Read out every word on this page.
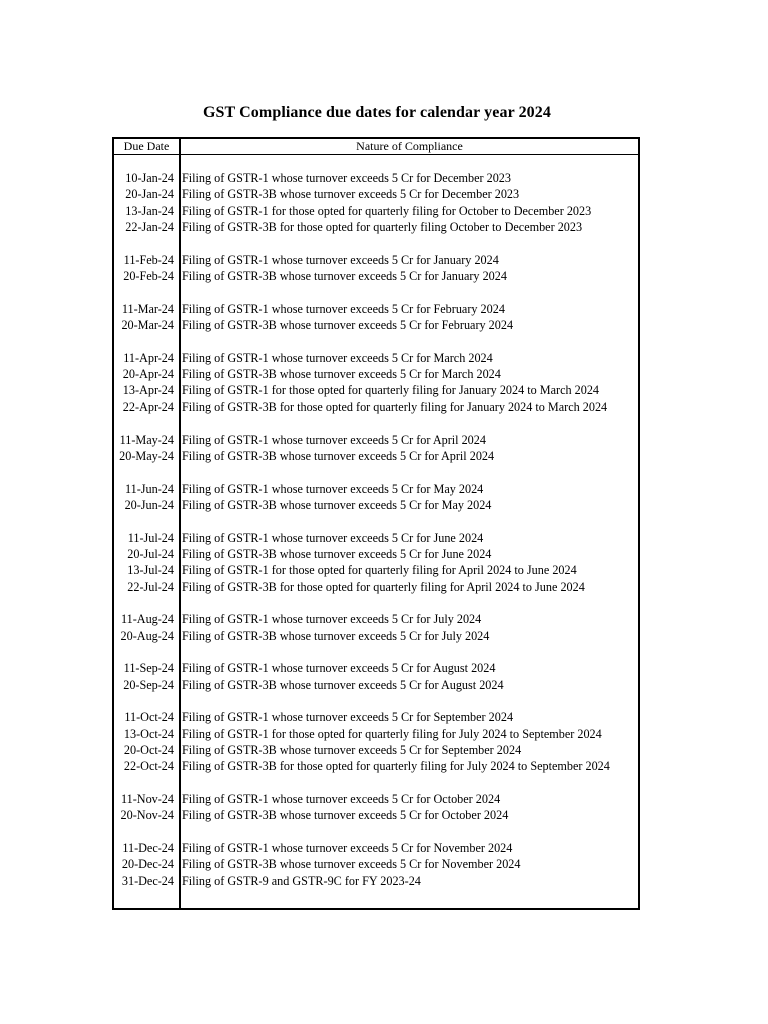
GST Compliance due dates for calendar year 2024
Due Date	Nature of Compliance
10-Jan-24 Filing of GSTR-1 whose turnover exceeds 5 Cr for December 2023
20-Jan-24 Filing of GSTR-3B whose turnover exceeds 5 Cr for December 2023
13-Jan-24 Filing of GSTR-1 for those opted for quarterly filing for October to December 2023
22-Jan-24 Filing of GSTR-3B for those opted for quarterly filing October to December 2023
11-Feb-24 Filing of GSTR-1 whose turnover exceeds 5 Cr for January 2024
20-Feb-24 Filing of GSTR-3B whose turnover exceeds 5 Cr for January 2024
11-Mar-24 Filing of GSTR-1 whose turnover exceeds 5 Cr for February 2024
20-Mar-24 Filing of GSTR-3B whose turnover exceeds 5 Cr for February 2024
11-Apr-24 Filing of GSTR-1 whose turnover exceeds 5 Cr for March 2024
20-Apr-24 Filing of GSTR-3B whose turnover exceeds 5 Cr for March 2024
13-Apr-24 Filing of GSTR-1 for those opted for quarterly filing for January 2024 to March 2024
22-Apr-24 Filing of GSTR-3B for those opted for quarterly filing for January 2024 to March 2024
11-May-24 Filing of GSTR-1 whose turnover exceeds 5 Cr for April 2024
20-May-24 Filing of GSTR-3B whose turnover exceeds 5 Cr for April 2024
11-Jun-24 Filing of GSTR-1 whose turnover exceeds 5 Cr for May 2024
20-Jun-24 Filing of GSTR-3B whose turnover exceeds 5 Cr for May 2024
11-Jul-24 Filing of GSTR-1 whose turnover exceeds 5 Cr for June 2024
20-Jul-24 Filing of GSTR-3B whose turnover exceeds 5 Cr for June 2024
13-Jul-24 Filing of GSTR-1 for those opted for quarterly filing for April 2024 to June 2024
22-Jul-24 Filing of GSTR-3B for those opted for quarterly filing for April 2024 to June 2024
11-Aug-24 Filing of GSTR-1 whose turnover exceeds 5 Cr for July 2024
20-Aug-24 Filing of GSTR-3B whose turnover exceeds 5 Cr for July 2024
11-Sep-24 Filing of GSTR-1 whose turnover exceeds 5 Cr for August 2024
20-Sep-24 Filing of GSTR-3B whose turnover exceeds 5 Cr for August 2024
11-Oct-24 Filing of GSTR-1 whose turnover exceeds 5 Cr for September 2024
13-Oct-24 Filing of GSTR-1 for those opted for quarterly filing for July 2024 to September 2024
20-Oct-24 Filing of GSTR-3B whose turnover exceeds 5 Cr for September 2024
22-Oct-24 Filing of GSTR-3B for those opted for quarterly filing for July 2024 to September 2024
11-Nov-24 Filing of GSTR-1 whose turnover exceeds 5 Cr for October 2024
20-Nov-24 Filing of GSTR-3B whose turnover exceeds 5 Cr for October 2024
11-Dec-24 Filing of GSTR-1 whose turnover exceeds 5 Cr for November 2024
20-Dec-24 Filing of GSTR-3B whose turnover exceeds 5 Cr for November 2024
31-Dec-24 Filing of GSTR-9 and GSTR-9C for FY 2023-24
